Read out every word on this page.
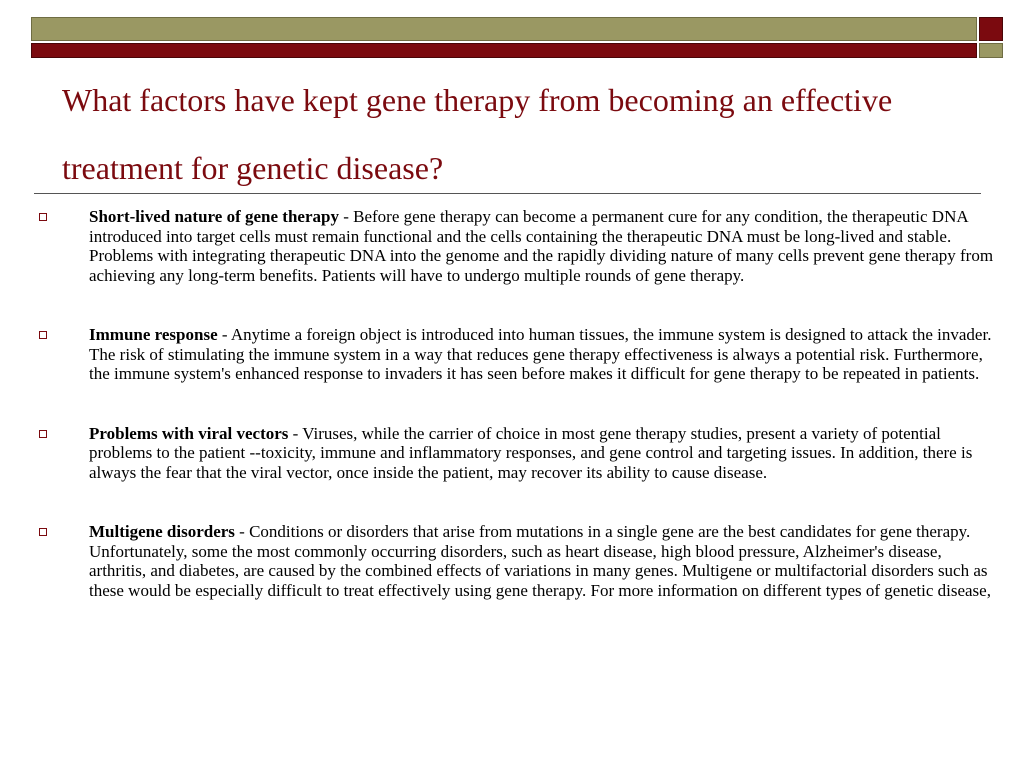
What factors have kept gene therapy from becoming an effective treatment for genetic disease?
Short-lived nature of gene therapy - Before gene therapy can become a permanent cure for any condition, the therapeutic DNA introduced into target cells must remain functional and the cells containing the therapeutic DNA must be long-lived and stable. Problems with integrating therapeutic DNA into the genome and the rapidly dividing nature of many cells prevent gene therapy from achieving any long-term benefits. Patients will have to undergo multiple rounds of gene therapy.
Immune response - Anytime a foreign object is introduced into human tissues, the immune system is designed to attack the invader. The risk of stimulating the immune system in a way that reduces gene therapy effectiveness is always a potential risk. Furthermore, the immune system's enhanced response to invaders it has seen before makes it difficult for gene therapy to be repeated in patients.
Problems with viral vectors - Viruses, while the carrier of choice in most gene therapy studies, present a variety of potential problems to the patient --toxicity, immune and inflammatory responses, and gene control and targeting issues. In addition, there is always the fear that the viral vector, once inside the patient, may recover its ability to cause disease.
Multigene disorders - Conditions or disorders that arise from mutations in a single gene are the best candidates for gene therapy. Unfortunately, some the most commonly occurring disorders, such as heart disease, high blood pressure, Alzheimer's disease, arthritis, and diabetes, are caused by the combined effects of variations in many genes. Multigene or multifactorial disorders such as these would be especially difficult to treat effectively using gene therapy. For more information on different types of genetic disease,
